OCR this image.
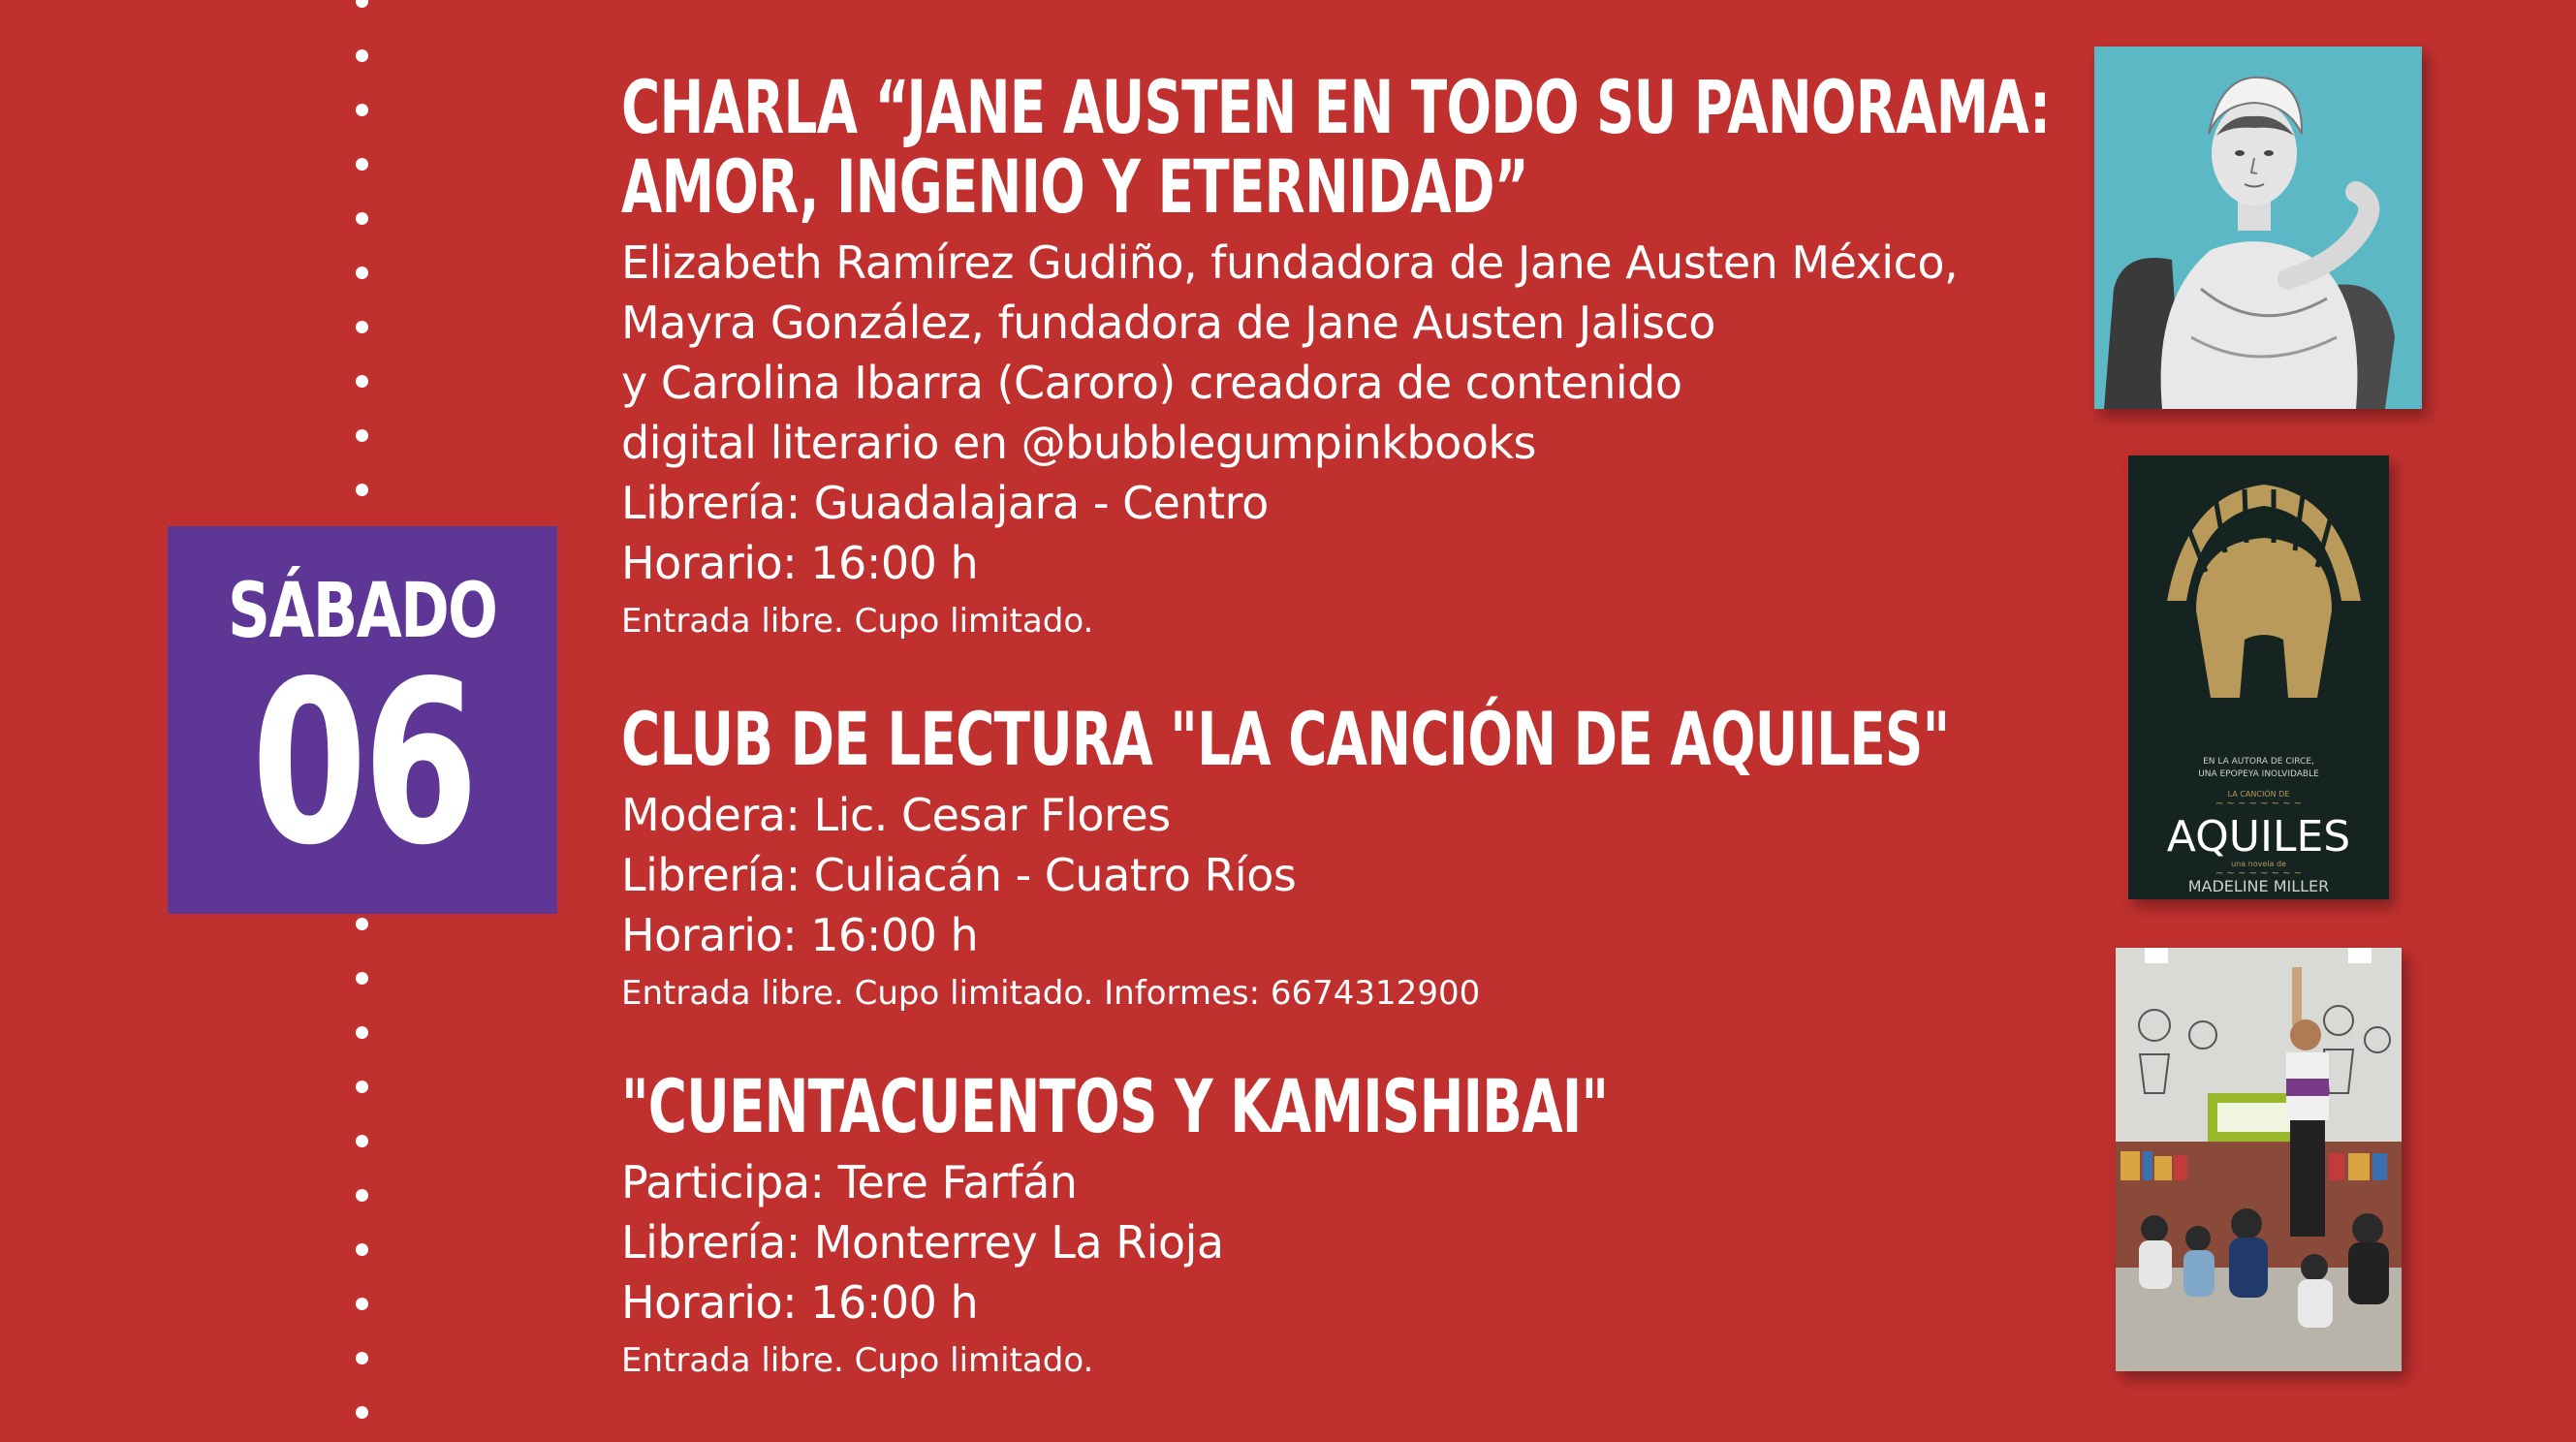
SÁBADO
06

CHARLA “JANE AUSTEN EN TODO SU PANORAMA:

AMOR, INGENIO Y ETERNIDAD”

Elizabeth Ramírez Gudiño, fundadora de Jane Austen México,

Mayra González, fundadora de Jane Austen Jalisco

y Carolina Ibarra (Caroro) creadora de contenido

digital literario en @bubblegumpinkbooks

Librería: Guadalajara - Centro

Horario: 16:00 h

Entrada libre. Cupo limitado.

CLUB DE LECTURA "LA CANCIÓN DE AQUILES"

Modera: Lic. Cesar Flores

Librería: Culiacán - Cuatro Ríos

Horario: 16:00 h

Entrada libre. Cupo limitado. Informes: 6674312900

"CUENTACUENTOS Y KAMISHIBAI"

Participa: Tere Farfán

Librería: Monterrey La Rioja

Horario: 16:00 h

Entrada libre. Cupo limitado.

EN LA AUTORA DE CIRCE,
UNA EPOPEYA INOLVIDABLE
LA CANCIÓN DE
~ ~ ~ ~ ~ ~ ~ ~
AQUILES
una novela de
~ ~ ~ ~ ~ ~ ~ ~
MADELINE MILLER
